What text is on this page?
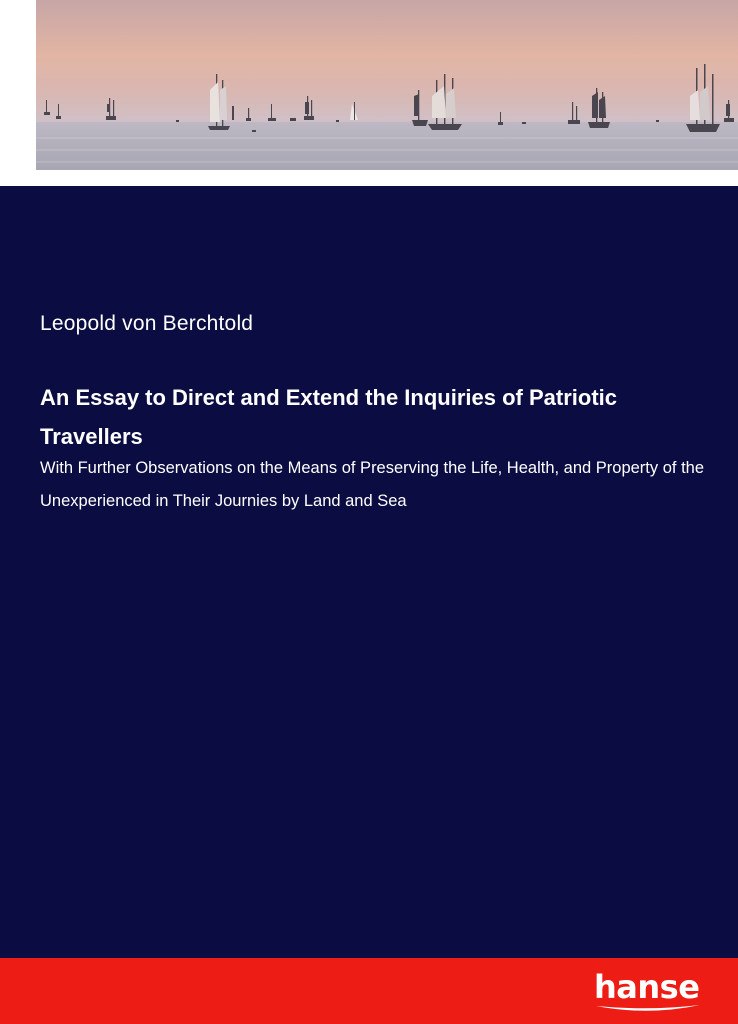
Leopold von Berchtold
An Essay to Direct and Extend the Inquiries of Patriotic Travellers

With Further Observations on the Means of Preserving the Life, Health, and Property of the Unexperienced in Their Journies by Land and Sea

hanse
